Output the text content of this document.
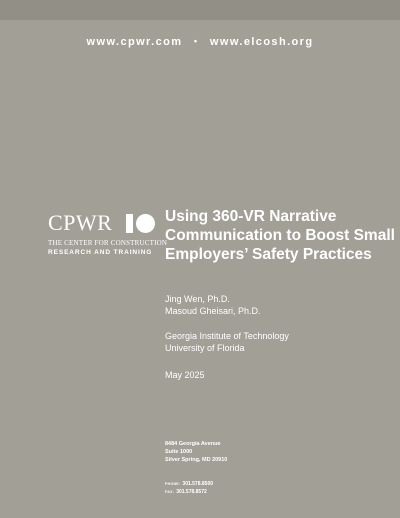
www.cpwr.com • www.elcosh.org
CPWR
THE CENTER FOR CONSTRUCTION
RESEARCH AND TRAINING
Using 360-VR Narrative
Communication to Boost Small
Employers’ Safety Practices
Jing Wen, Ph.D.
Masoud Gheisari, Ph.D.
Georgia Institute of Technology
University of Florida
May 2025
8484 Georgia Avenue
Suite 1000
Silver Spring, MD 20910
PHONE: 301.578.8500
FAX: 301.578.8572
